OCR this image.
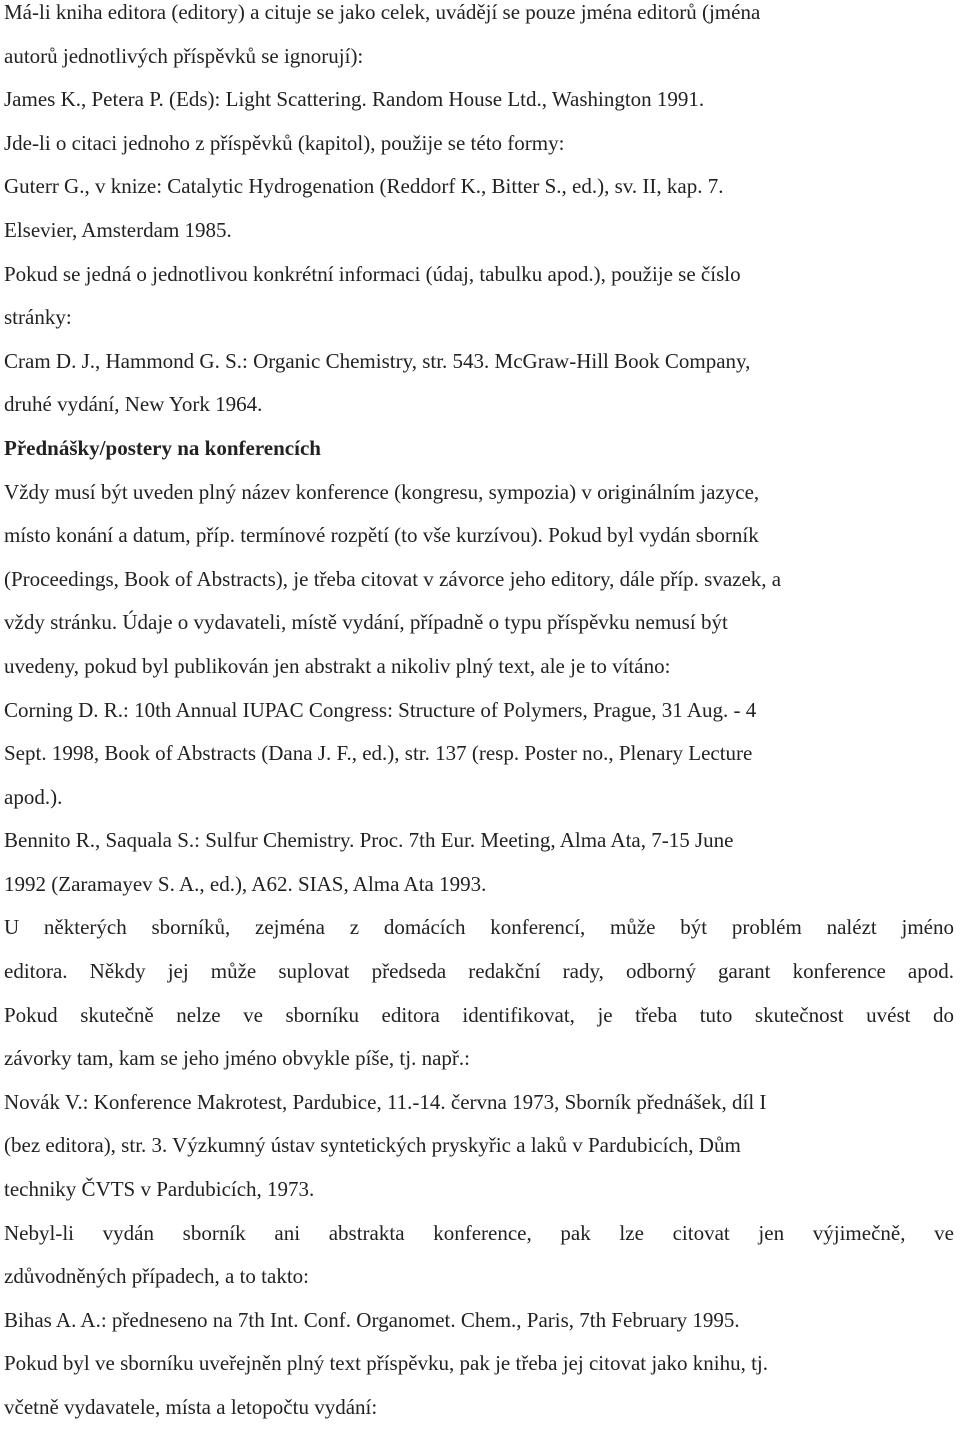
Má-li kniha editora (editory) a cituje se jako celek, uvádějí se pouze jména editorů (jména
autorů jednotlivých příspěvků se ignorují):

James K., Petera P. (Eds): Light Scattering. Random House Ltd., Washington 1991.

Jde-li o citaci jednoho z příspěvků (kapitol), použije se této formy:

Guterr G., v knize: Catalytic Hydrogenation (Reddorf K., Bitter S., ed.), sv. II, kap. 7.
Elsevier, Amsterdam 1985.

Pokud se jedná o jednotlivou konkrétní informaci (údaj, tabulku apod.), použije se číslo
stránky:

Cram D. J., Hammond G. S.: Organic Chemistry, str. 543. McGraw-Hill Book Company,
druhé vydání, New York 1964.

Přednášky/postery na konferencích

Vždy musí být uveden plný název konference (kongresu, sympozia) v originálním jazyce,
místo konání a datum, příp. termínové rozpětí (to vše kurzívou). Pokud byl vydán sborník
(Proceedings, Book of Abstracts), je třeba citovat v závorce jeho editory, dále příp. svazek, a
vždy stránku. Údaje o vydavateli, místě vydání, případně o typu příspěvku nemusí být
uvedeny, pokud byl publikován jen abstrakt a nikoliv plný text, ale je to vítáno:

Corning D. R.: 10th Annual IUPAC Congress: Structure of Polymers, Prague, 31 Aug. - 4
Sept. 1998, Book of Abstracts (Dana J. F., ed.), str. 137 (resp. Poster no., Plenary Lecture
apod.).

Bennito R., Saquala S.: Sulfur Chemistry. Proc. 7th Eur. Meeting, Alma Ata, 7-15 June
1992 (Zaramayev S. A., ed.), A62. SIAS, Alma Ata 1993.

U některých sborníků, zejména z domácích konferencí, může být problém nalézt jméno
editora. Někdy jej může suplovat předseda redakční rady, odborný garant konference apod.
Pokud skutečně nelze ve sborníku editora identifikovat, je třeba tuto skutečnost uvést do
závorky tam, kam se jeho jméno obvykle píše, tj. např.:

Novák V.: Konference Makrotest, Pardubice, 11.-14. června 1973, Sborník přednášek, díl I
(bez editora), str. 3. Výzkumný ústav syntetických pryskyřic a laků v Pardubicích, Dům
techniky ČVTS v Pardubicích, 1973.

Nebyl-li vydán sborník ani abstrakta konference, pak lze citovat jen výjimečně, ve
zdůvodněných případech, a to takto:

Bihas A. A.: předneseno na 7th Int. Conf. Organomet. Chem., Paris, 7th February 1995.

Pokud byl ve sborníku uveřejněn plný text příspěvku, pak je třeba jej citovat jako knihu, tj.
včetně vydavatele, místa a letopočtu vydání:
